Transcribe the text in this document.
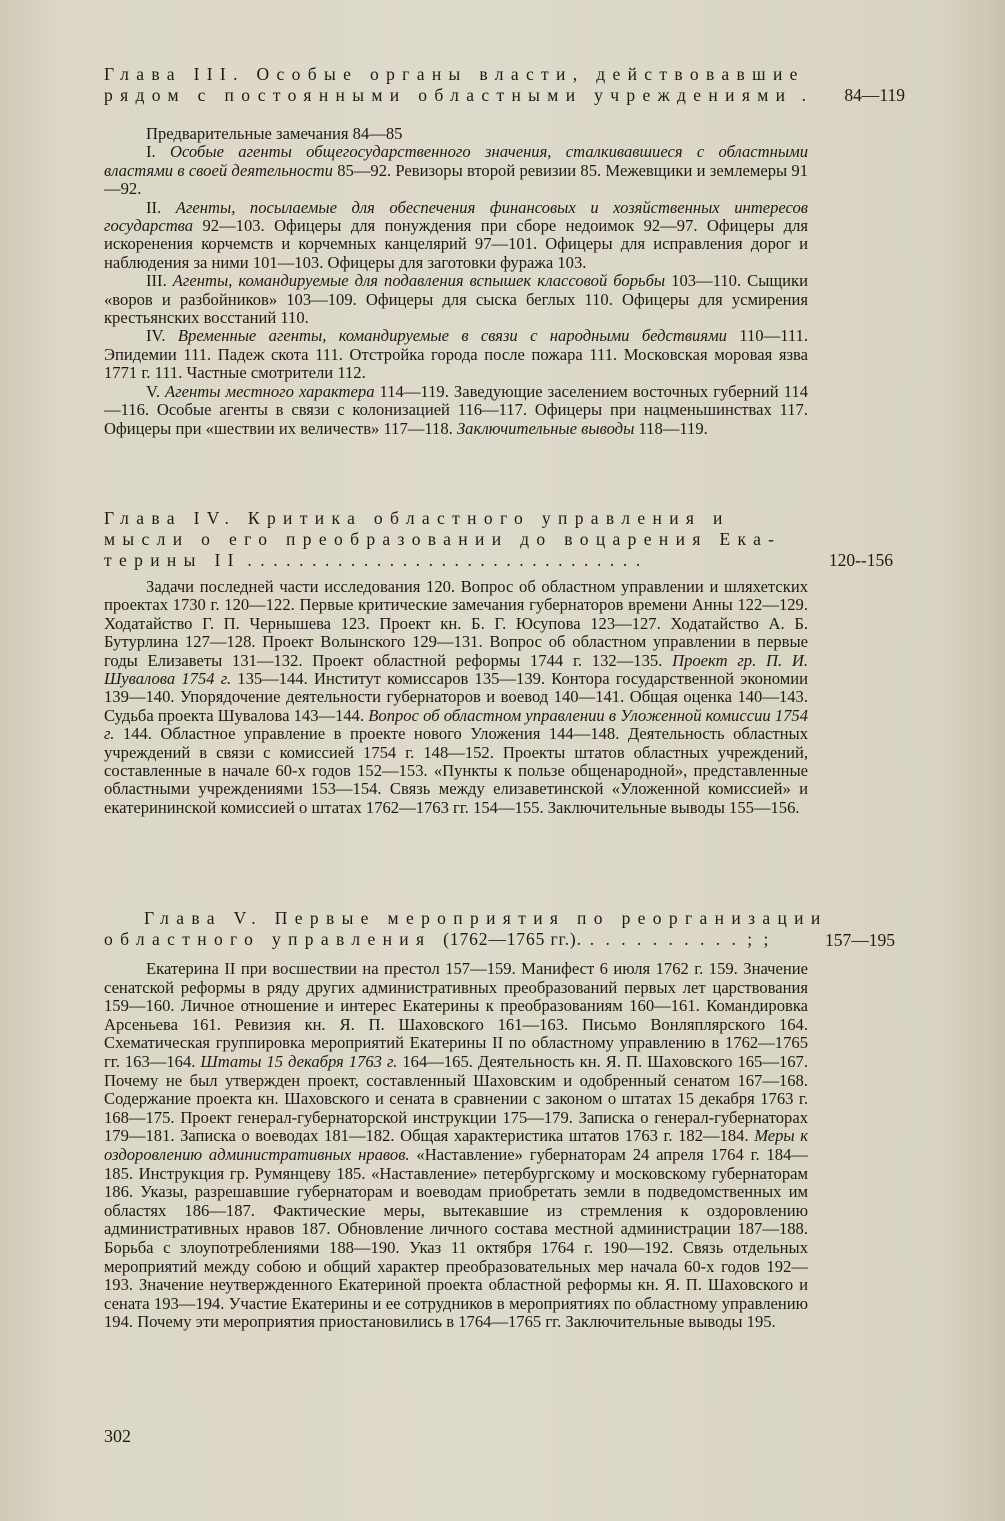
Глава III. Особые органы власти, действовавшие
рядом с постоянными областными учреждениями .	84—119

Предварительные замечания 84—85

I. Особые агенты общегосударственного значения, сталкивавшиеся с областными властями в своей деятельности 85—92. Ревизоры второй ревизии 85. Межевщики и землемеры 91—92.

II. Агенты, посылаемые для обеспечения финансовых и хозяйственных интересов государства 92—103. Офицеры для понуждения при сборе недоимок 92—97. Офицеры для искоренения корчемств и корчемных канцелярий 97—101. Офицеры для исправления дорог и наблюдения за ними 101—103. Офицеры для заготовки фуража 103.

III. Агенты, командируемые для подавления вспышек классовой борьбы 103—110. Сыщики «воров и разбойников» 103—109. Офицеры для сыска беглых 110. Офицеры для усмирения крестьянских восстаний 110.

IV. Временные агенты, командируемые в связи с народными бедствиями 110—111. Эпидемии 111. Падеж скота 111. Отстройка города после пожара 111. Московская моровая язва 1771 г. 111. Частные смотрители 112.

V. Агенты местного характера 114—119. Заведующие заселением восточных губерний 114—116. Особые агенты в связи с колонизацией 116—117. Офицеры при нацменьшинствах 117. Офицеры при «шествии их величеств» 117—118. Заключительные выводы 118—119.

Глава IV. Критика областного управления и
мысли о его преобразовании до воцарения Ека-
терины II . . . . . . . . . . . . . . . . . . . . . . . . . . . . . . .	120--156

Задачи последней части исследования 120. Вопрос об областном управлении и шляхетских проектах 1730 г. 120—122. Первые критические замечания губернаторов времени Анны 122—129. Ходатайство Г. П. Чернышева 123. Проект кн. Б. Г. Юсупова 123—127. Ходатайство А. Б. Бутурлина 127—128. Проект Волынского 129—131. Вопрос об областном управлении в первые годы Елизаветы 131—132. Проект областной реформы 1744 г. 132—135. Проект гр. П. И. Шувалова 1754 г. 135—144. Институт комиссаров 135—139. Контора государственной экономии 139—140. Упорядочение деятельности губернаторов и воевод 140—141. Общая оценка 140—143. Судьба проекта Шувалова 143—144. Вопрос об областном управлении в Уложенной комиссии 1754 г. 144. Областное управление в проекте нового Уложения 144—148. Деятельность областных учреждений в связи с комиссией 1754 г. 148—152. Проекты штатов областных учреждений, составленные в начале 60-х годов 152—153. «Пункты к пользе общенародной», представленные областными учреждениями 153—154. Связь между елизаветинской «Уложенной комиссией» и екатерининской комиссией о штатах 1762—1763 гг. 154—155. Заключительные выводы 155—156.

Глава V. Первые мероприятия по реорганизации
областного управления (1762—1765 гг.). . . . . . . . . . . ; ;	157—195

Екатерина II при восшествии на престол 157—159. Манифест 6 июля 1762 г. 159. Значение сенатской реформы в ряду других административных преобразований первых лет царствования 159—160. Личное отношение и интерес Екатерины к преобразованиям 160—161. Командировка Арсеньева 161. Ревизия кн. Я. П. Шаховского 161—163. Письмо Вонляплярского 164. Схематическая группировка мероприятий Екатерины II по областному управлению в 1762—1765 гг. 163—164. Штаты 15 декабря 1763 г. 164—165. Деятельность кн. Я. П. Шаховского 165—167. Почему не был утвержден проект, составленный Шаховским и одобренный сенатом 167—168. Содержание проекта кн. Шаховского и сената в сравнении с законом о штатах 15 декабря 1763 г. 168—175. Проект генерал-губернаторской инструкции 175—179. Записка о генерал-губернаторах 179—181. Записка о воеводах 181—182. Общая характеристика штатов 1763 г. 182—184. Меры к оздоровлению административных нравов. «Наставление» губернаторам 24 апреля 1764 г. 184—185. Инструкция гр. Румянцеву 185. «Наставление» петербургскому и московскому губернаторам 186. Указы, разрешавшие губернаторам и воеводам приобретать земли в подведомственных им областях 186—187. Фактические меры, вытекавшие из стремления к оздоровлению административных нравов 187. Обновление личного состава местной администрации 187—188. Борьба с злоупотреблениями 188—190. Указ 11 октября 1764 г. 190—192. Связь отдельных мероприятий между собою и общий характер преобразовательных мер начала 60-х годов 192—193. Значение неутвержденного Екатериной проекта областной реформы кн. Я. П. Шаховского и сената 193—194. Участие Екатерины и ее сотрудников в мероприятиях по областному управлению 194. Почему эти мероприятия приостановились в 1764—1765 гг. Заключительные выводы 195.

302
